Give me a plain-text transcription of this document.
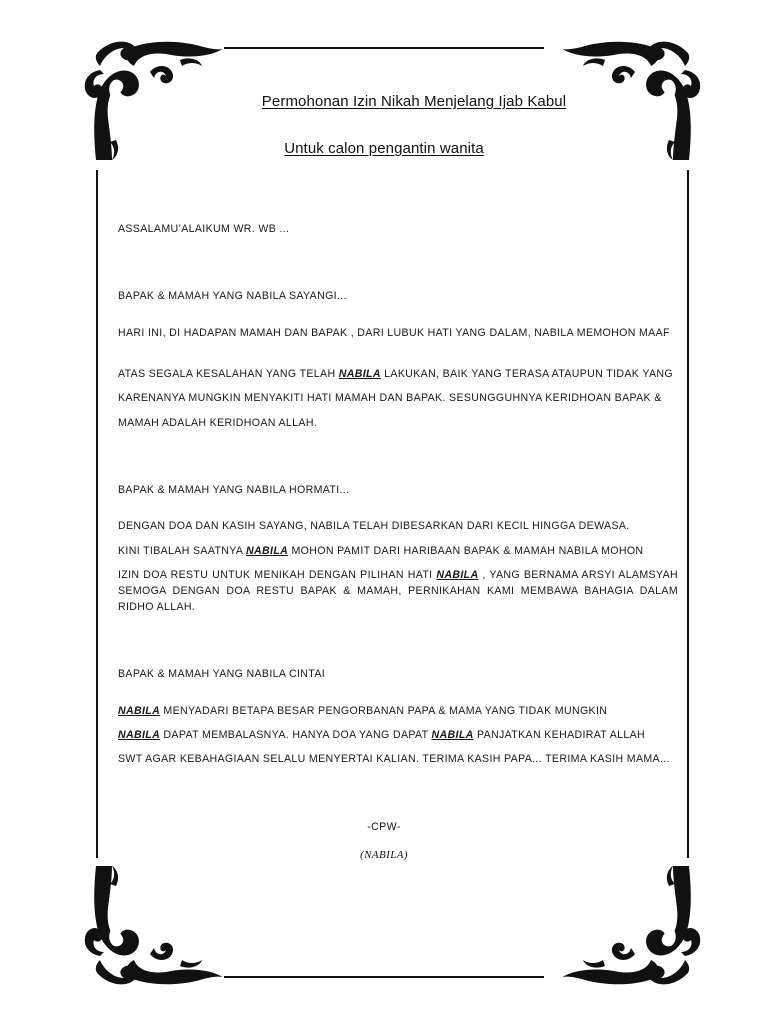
Permohonan Izin Nikah Menjelang Ijab Kabul
Untuk calon pengantin wanita
ASSALAMU’ALAIKUM WR. WB ...
BAPAK & MAMAH YANG NABILA SAYANGI...
HARI INI, DI HADAPAN MAMAH DAN BAPAK , DARI LUBUK HATI YANG DALAM, NABILA MEMOHON MAAF
ATAS SEGALA KESALAHAN YANG TELAH NABILA LAKUKAN, BAIK YANG TERASA ATAUPUN TIDAK YANG
KARENANYA MUNGKIN MENYAKITI HATI MAMAH DAN BAPAK. SESUNGGUHNYA KERIDHOAN BAPAK &
MAMAH ADALAH KERIDHOAN ALLAH.
BAPAK & MAMAH YANG NABILA HORMATI...
DENGAN DOA DAN KASIH SAYANG, NABILA TELAH DIBESARKAN DARI KECIL HINGGA DEWASA.
KINI TIBALAH SAATNYA NABILA MOHON PAMIT DARI HARIBAAN BAPAK & MAMAH NABILA MOHON
IZIN DOA RESTU UNTUK MENIKAH DENGAN PILIHAN HATI NABILA , YANG BERNAMA ARSYI ALAMSYAH SEMOGA DENGAN DOA RESTU BAPAK & MAMAH, PERNIKAHAN KAMI MEMBAWA BAHAGIA DALAM RIDHO ALLAH.
BAPAK & MAMAH YANG NABILA CINTAI
NABILA MENYADARI BETAPA BESAR PENGORBANAN PAPA & MAMA YANG TIDAK MUNGKIN
NABILA DAPAT MEMBALASNYA. HANYA DOA YANG DAPAT NABILA PANJATKAN KEHADIRAT ALLAH
SWT AGAR KEBAHAGIAAN SELALU MENYERTAI KALIAN. TERIMA KASIH PAPA... TERIMA KASIH MAMA...
-CPW-
(NABILA)
